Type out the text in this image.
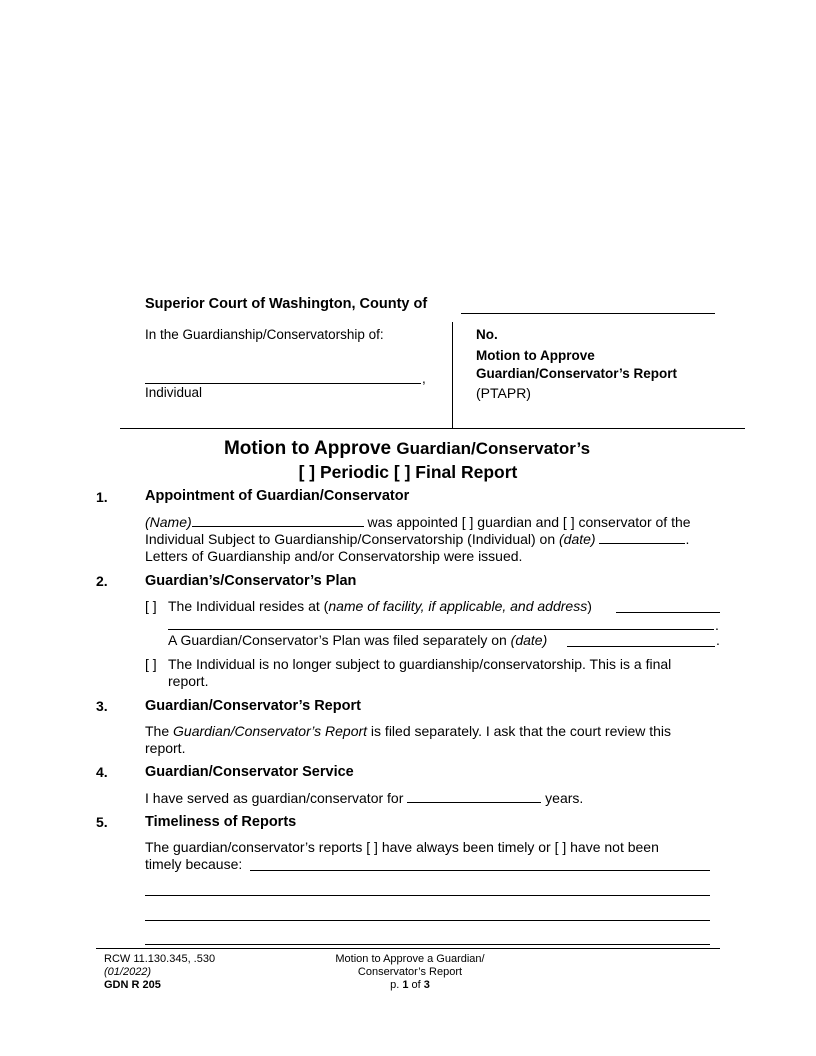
Superior Court of Washington, County of
In the Guardianship/Conservatorship of:
,
Individual
No.
Motion to Approve
Guardian/Conservator’s Report
(PTAPR)
Motion to Approve Guardian/Conservator’s
[ ] Periodic [ ] Final Report
1.	Appointment of Guardian/Conservator
(Name)	was appointed [ ] guardian and [ ] conservator of the
Individual Subject to Guardianship/Conservatorship (Individual) on (date)	.
Letters of Guardianship and/or Conservatorship were issued.
2.	Guardian’s/Conservator’s Plan
[ ] The Individual resides at (name of facility, if applicable, and address)
.
A Guardian/Conservator’s Plan was filed separately on (date)	.
[ ] The Individual is no longer subject to guardianship/conservatorship. This is a final
report.
3.	Guardian/Conservator’s Report
The Guardian/Conservator’s Report is filed separately. I ask that the court review this
report.
4.	Guardian/Conservator Service
I have served as guardian/conservator for	years.
5.	Timeliness of Reports
The guardian/conservator’s reports [ ] have always been timely or [ ] have not been
timely because:
RCW 11.130.345, .530
(01/2022)
GDN R 205
Motion to Approve a Guardian/
Conservator’s Report
p. 1 of 3
